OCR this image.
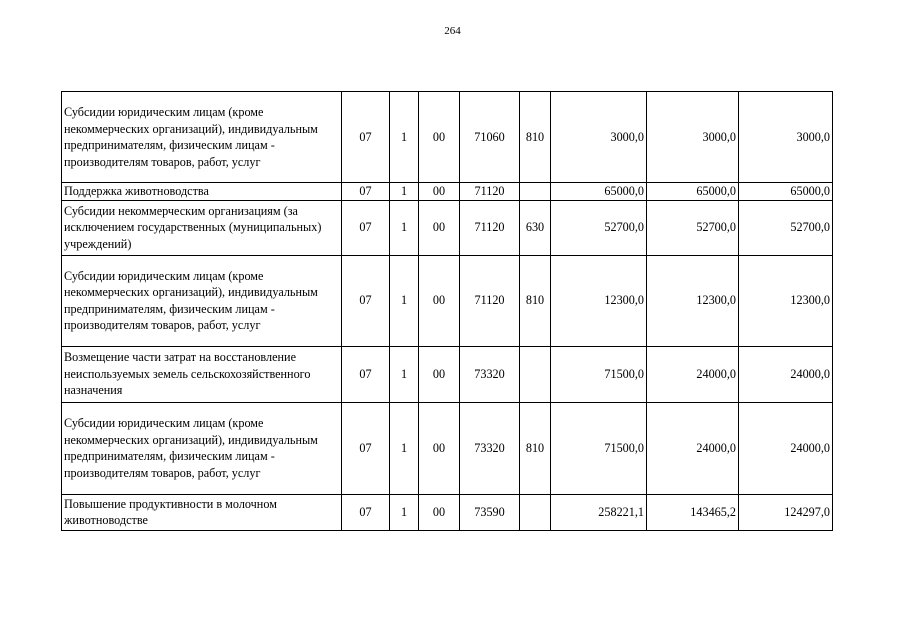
264
Субсидии юридическим лицам (кроме некоммерческих организаций), индивидуальным предпринимателям, физическим лицам - производителям товаров, работ, услуг	07	1	00	71060	810	3000,0	3000,0	3000,0
Поддержка животноводства	07	1	00	71120		65000,0	65000,0	65000,0
Субсидии некоммерческим организациям (за исключением государственных (муниципальных) учреждений)	07	1	00	71120	630	52700,0	52700,0	52700,0
Субсидии юридическим лицам (кроме некоммерческих организаций), индивидуальным предпринимателям, физическим лицам - производителям товаров, работ, услуг	07	1	00	71120	810	12300,0	12300,0	12300,0
Возмещение части затрат на восстановление неиспользуемых земель сельскохозяйственного назначения	07	1	00	73320		71500,0	24000,0	24000,0
Субсидии юридическим лицам (кроме некоммерческих организаций), индивидуальным предпринимателям, физическим лицам - производителям товаров, работ, услуг	07	1	00	73320	810	71500,0	24000,0	24000,0
Повышение продуктивности в молочном животноводстве	07	1	00	73590		258221,1	143465,2	124297,0
